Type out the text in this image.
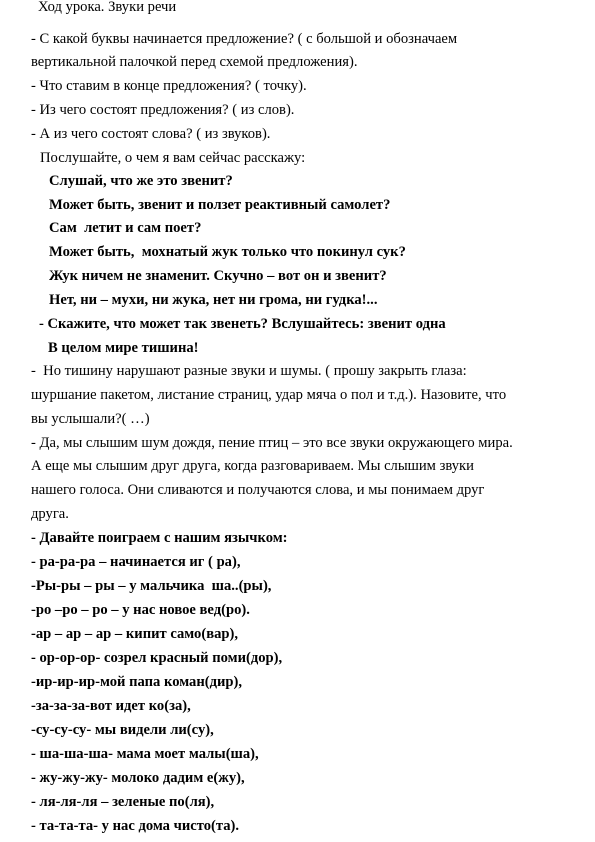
Ход урока. Звуки речи
- С какой буквы начинается предложение? ( с большой и обозначаем
вертикальной палочкой перед схемой предложения).
- Что ставим в конце предложения? ( точку).
- Из чего состоят предложения? ( из слов).
- А из чего состоят слова? ( из звуков).
Послушайте, о чем я вам сейчас расскажу:
Слушай, что же это звенит?
Может быть, звенит и ползет реактивный самолет?
Сам  летит и сам поет?
Может быть,  мохнатый жук только что покинул сук?
Жук ничем не знаменит. Скучно – вот он и звенит?
Нет, ни – мухи, ни жука, нет ни грома, ни гудка!...
- Скажите, что может так звенеть? Вслушайтесь: звенит одна
В целом мире тишина!
-  Но тишину нарушают разные звуки и шумы. ( прошу закрыть глаза:
шуршание пакетом, листание страниц, удар мяча о пол и т.д.). Назовите, что
вы услышали?( …)
- Да, мы слышим шум дождя, пение птиц – это все звуки окружающего мира.
А еще мы слышим друг друга, когда разговариваем. Мы слышим звуки
нашего голоса. Они сливаются и получаются слова, и мы понимаем друг
друга.
- Давайте поиграем с нашим язычком:
- ра-ра-ра – начинается иг ( ра),
-Ры-ры – ры – у мальчика  ша..(ры),
-ро –ро – ро – у нас новое вед(ро).
-ар – ар – ар – кипит само(вар),
- ор-ор-ор- созрел красный поми(дор),
-ир-ир-ир-мой папа коман(дир),
-за-за-за-вот идет ко(за),
-су-су-су- мы видели ли(су),
- ша-ша-ша- мама моет малы(ша),
- жу-жу-жу- молоко дадим е(жу),
- ля-ля-ля – зеленые по(ля),
- та-та-та- у нас дома чисто(та).
